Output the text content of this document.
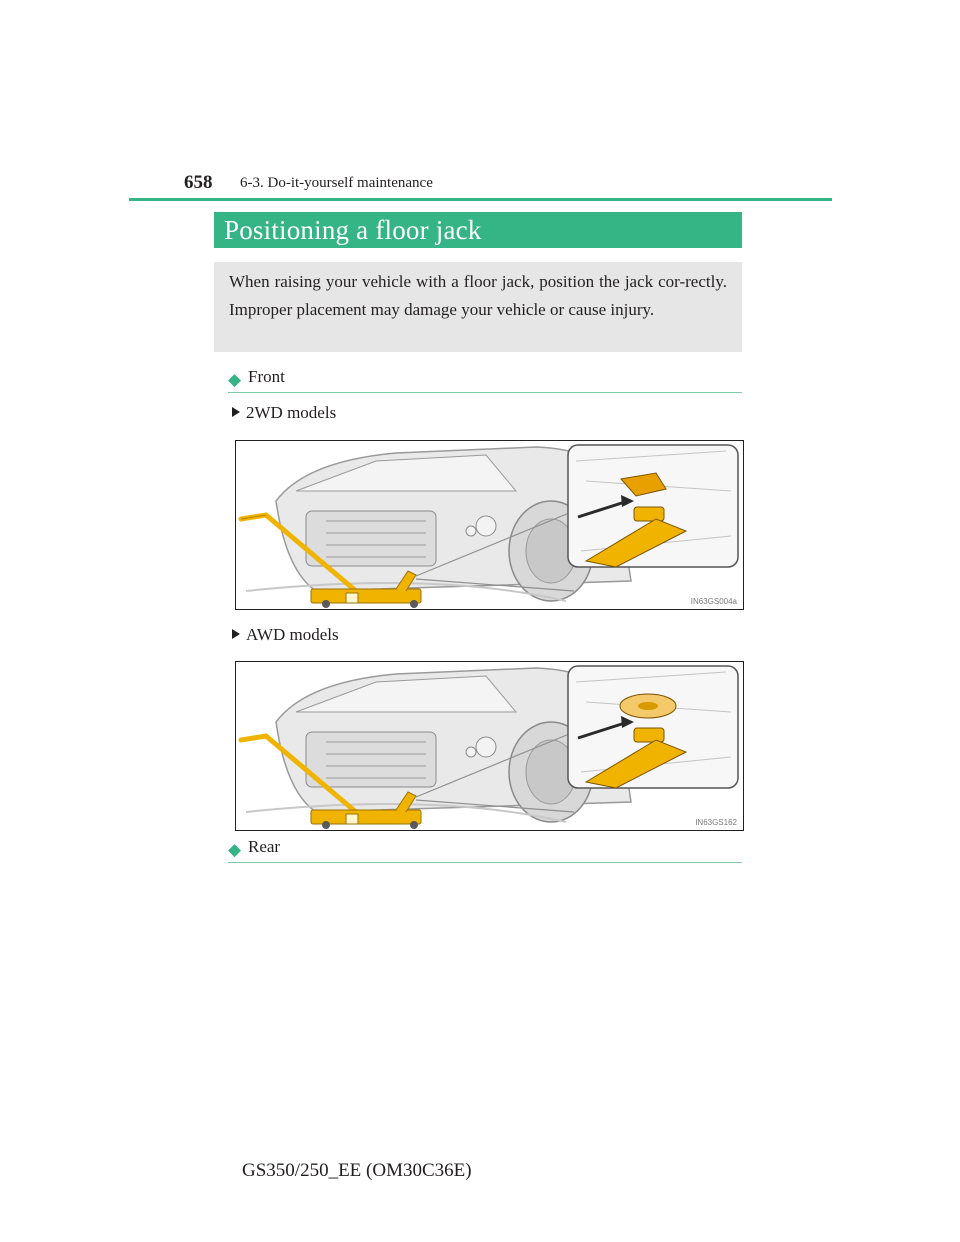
658 6-3. Do-it-yourself maintenance
Positioning a floor jack
When raising your vehicle with a floor jack, position the jack cor-rectly. Improper placement may damage your vehicle or cause injury.
◆ Front
2WD models
IN63GS004a
AWD models
IN63GS162
◆ Rear
GS350/250_EE (OM30C36E)
